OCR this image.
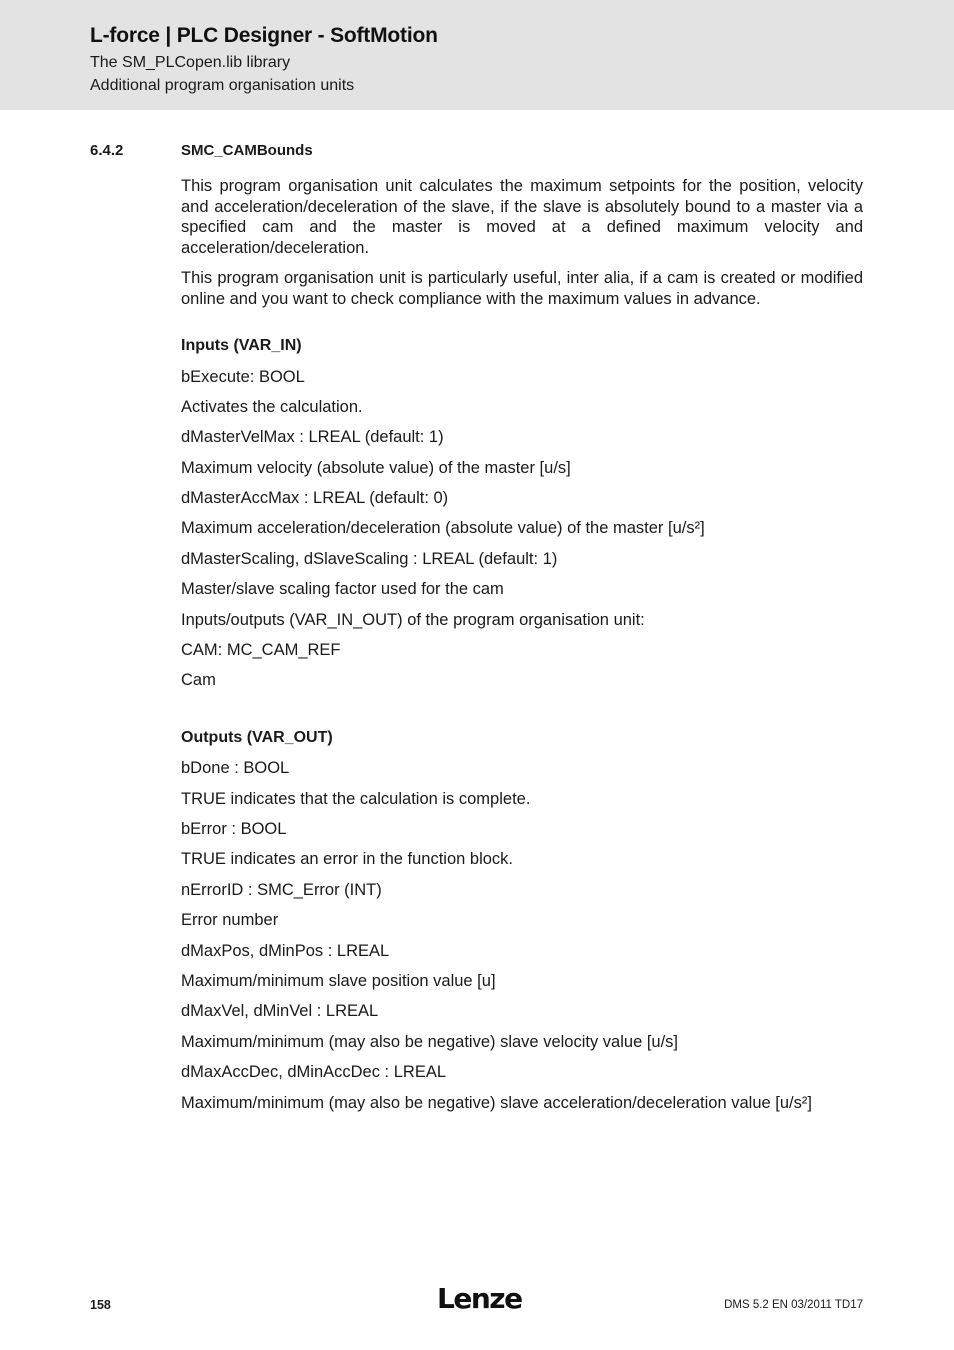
L-force | PLC Designer - SoftMotion
The SM_PLCopen.lib library
Additional program organisation units
6.4.2	SMC_CAMBounds

This program organisation unit calculates the maximum setpoints for the position, velocity and acceleration/deceleration of the slave, if the slave is absolutely bound to a master via a specified cam and the master is moved at a defined maximum velocity and acceleration/deceleration.

This program organisation unit is particularly useful, inter alia, if a cam is created or modified online and you want to check compliance with the maximum values in advance.

Inputs (VAR_IN)
bExecute: BOOL
Activates the calculation.
dMasterVelMax : LREAL (default: 1)
Maximum velocity (absolute value) of the master [u/s]
dMasterAccMax : LREAL (default: 0)
Maximum acceleration/deceleration (absolute value) of the master [u/s²]
dMasterScaling, dSlaveScaling : LREAL (default: 1)
Master/slave scaling factor used for the cam
Inputs/outputs (VAR_IN_OUT) of the program organisation unit:
CAM: MC_CAM_REF
Cam
Outputs (VAR_OUT)
bDone : BOOL
TRUE indicates that the calculation is complete.
bError : BOOL
TRUE indicates an error in the function block.
nErrorID : SMC_Error (INT)
Error number
dMaxPos, dMinPos : LREAL
Maximum/minimum slave position value [u]
dMaxVel, dMinVel : LREAL
Maximum/minimum (may also be negative) slave velocity value [u/s]
dMaxAccDec, dMinAccDec : LREAL
Maximum/minimum (may also be negative) slave acceleration/deceleration value [u/s²]
158	Lenze	DMS 5.2 EN 03/2011 TD17
